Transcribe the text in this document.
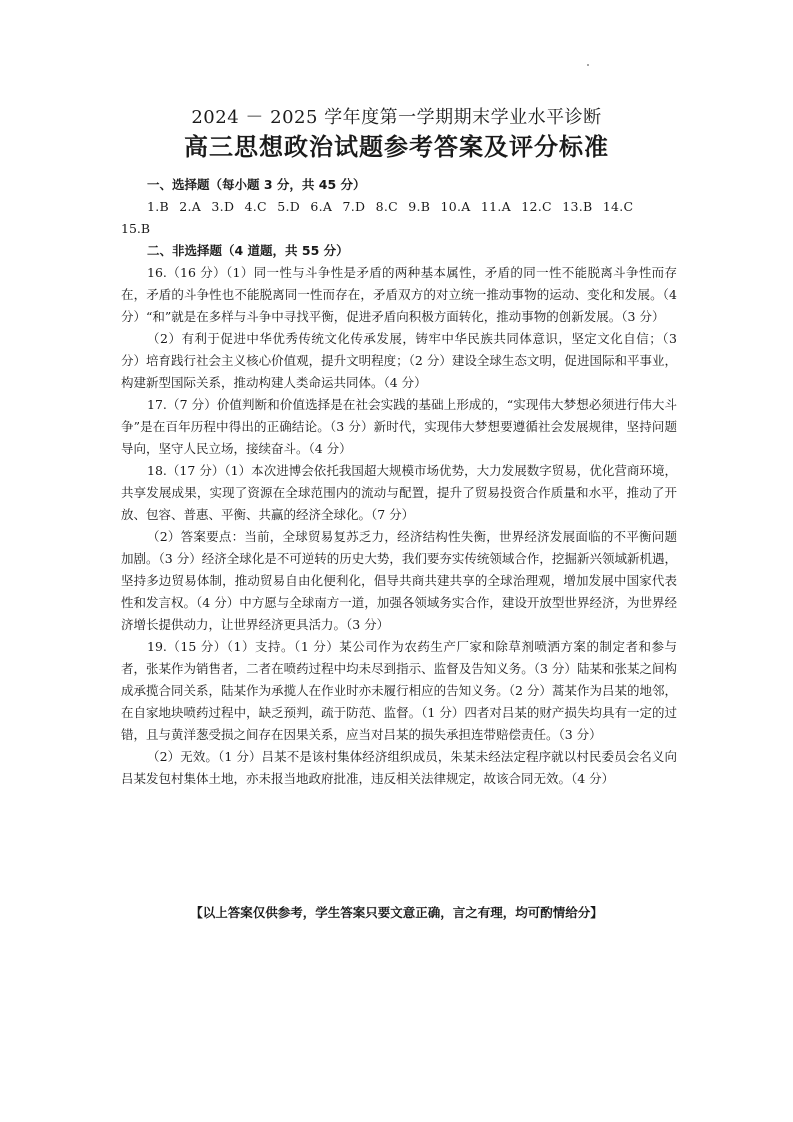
2024 － 2025 学年度第一学期期末学业水平诊断
高三思想政治试题参考答案及评分标准
一、选择题（每小题 3 分，共 45 分）
1.B 2.A 3.D 4.C 5.D 6.A 7.D 8.C 9.B 10.A 11.A 12.C 13.B 14.C
15.B
二、非选择题（4 道题，共 55 分）

16.（16 分）（1）同一性与斗争性是矛盾的两种基本属性，矛盾的同一性不能脱离斗争性而存在，矛盾的斗争性也不能脱离同一性而存在，矛盾双方的对立统一推动事物的运动、变化和发展。（4 分）“和”就是在多样与斗争中寻找平衡，促进矛盾向积极方面转化，推动事物的创新发展。（3 分）

（2）有利于促进中华优秀传统文化传承发展，铸牢中华民族共同体意识，坚定文化自信；（3 分）培育践行社会主义核心价值观，提升文明程度；（2 分）建设全球生态文明，促进国际和平事业，构建新型国际关系，推动构建人类命运共同体。（4 分）

17.（7 分）价值判断和价值选择是在社会实践的基础上形成的，“实现伟大梦想必须进行伟大斗争”是在百年历程中得出的正确结论。（3 分）新时代，实现伟大梦想要遵循社会发展规律，坚持问题导向，坚守人民立场，接续奋斗。（4 分）

18.（17 分）（1）本次进博会依托我国超大规模市场优势，大力发展数字贸易，优化营商环境，共享发展成果，实现了资源在全球范围内的流动与配置，提升了贸易投资合作质量和水平，推动了开放、包容、普惠、平衡、共赢的经济全球化。（7 分）

（2）答案要点：当前，全球贸易复苏乏力，经济结构性失衡，世界经济发展面临的不平衡问题加剧。（3 分）经济全球化是不可逆转的历史大势，我们要夯实传统领域合作，挖掘新兴领域新机遇，坚持多边贸易体制，推动贸易自由化便利化，倡导共商共建共享的全球治理观，增加发展中国家代表性和发言权。（4 分）中方愿与全球南方一道，加强各领域务实合作，建设开放型世界经济，为世界经济增长提供动力，让世界经济更具活力。（3 分）

19.（15 分）（1）支持。（1 分）某公司作为农药生产厂家和除草剂喷洒方案的制定者和参与者，张某作为销售者，二者在喷药过程中均未尽到指示、监督及告知义务。（3 分）陆某和张某之间构成承揽合同关系，陆某作为承揽人在作业时亦未履行相应的告知义务。（2 分）蒿某作为吕某的地邻，在自家地块喷药过程中，缺乏预判，疏于防范、监督。（1 分）四者对吕某的财产损失均具有一定的过错，且与黄洋葱受损之间存在因果关系，应当对吕某的损失承担连带赔偿责任。（3 分）

（2）无效。（1 分）吕某不是该村集体经济组织成员，朱某未经法定程序就以村民委员会名义向吕某发包村集体土地，亦未报当地政府批准，违反相关法律规定，故该合同无效。（4 分）

【以上答案仅供参考，学生答案只要文意正确，言之有理，均可酌情给分】
